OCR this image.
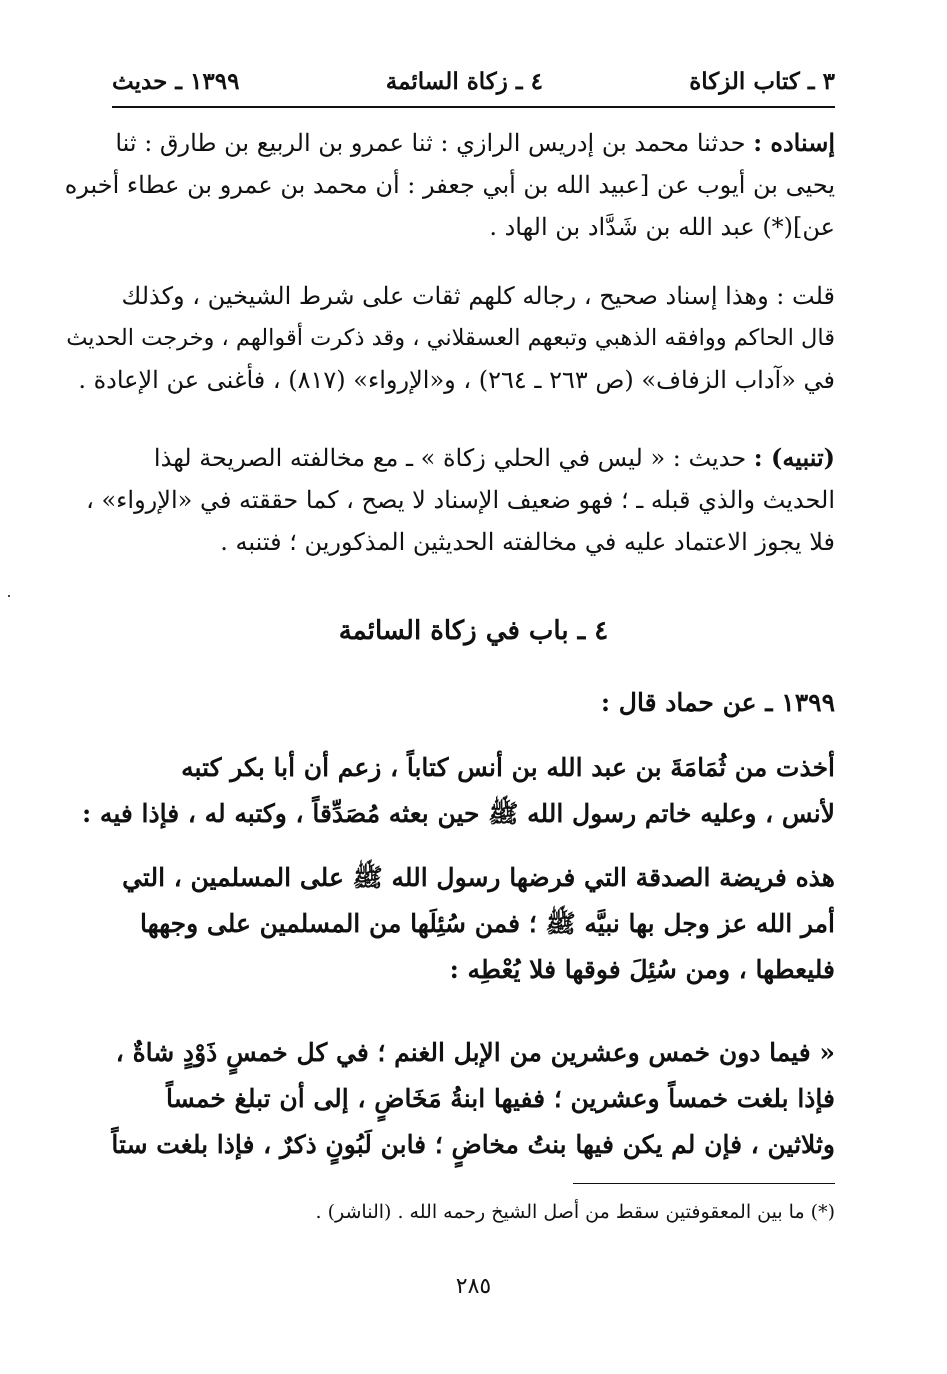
٣ ـ كتاب الزكاة
٤ ـ زكاة السائمة
١٣٩٩ ـ حديث
إسناده : حدثنا محمد بن إدريس الرازي : ثنا عمرو بن الربيع بن طارق : ثنا
يحيى بن أيوب عن [عبيد الله بن أبي جعفر : أن محمد بن عمرو بن عطاء أخبره
عن](*) عبد الله بن شَدَّاد بن الهاد .
قلت : وهذا إسناد صحيح ، رجاله كلهم ثقات على شرط الشيخين ، وكذلك
قال الحاكم ووافقه الذهبي وتبعهم العسقلاني ، وقد ذكرت أقوالهم ، وخرجت الحديث
في «آداب الزفاف» (ص ٢٦٣ ـ ٢٦٤) ، و«الإرواء» (٨١٧) ، فأغنى عن الإعادة .
(تنبيه) : حديث : « ليس في الحلي زكاة » ـ مع مخالفته الصريحة لهذا
الحديث والذي قبله ـ ؛ فهو ضعيف الإسناد لا يصح ، كما حققته في «الإرواء» ،
فلا يجوز الاعتماد عليه في مخالفته الحديثين المذكورين ؛ فتنبه .
٤ ـ باب في زكاة السائمة
١٣٩٩ ـ عن حماد قال :
أخذت من ثُمَامَةَ بن عبد الله بن أنس كتاباً ، زعم أن أبا بكر كتبه
لأنس ، وعليه خاتم رسول الله ﷺ حين بعثه مُصَدِّقاً ، وكتبه له ، فإذا فيه :
هذه فريضة الصدقة التي فرضها رسول الله ﷺ على المسلمين ، التي
أمر الله عز وجل بها نبيَّه ﷺ ؛ فمن سُئِلَها من المسلمين على وجهها
فليعطها ، ومن سُئِلَ فوقها فلا يُعْطِه :
« فيما دون خمس وعشرين من الإبل الغنم ؛ في كل خمسٍ ذَوْدٍ شاةٌ ،
فإذا بلغت خمساً وعشرين ؛ ففيها ابنةُ مَخَاضٍ ، إلى أن تبلغ خمساً
وثلاثين ، فإن لم يكن فيها بنتُ مخاضٍ ؛ فابن لَبُونٍ ذكرٌ ، فإذا بلغت ستاً
(*) ما بين المعقوفتين سقط من أصل الشيخ رحمه الله . (الناشر) .
٢٨٥
